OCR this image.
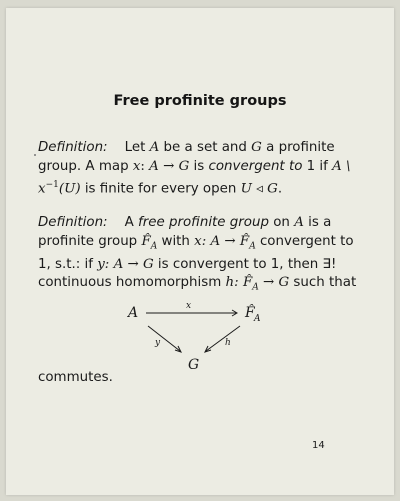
Free profinite groups
Definition: Let A be a set and G a profinite group. A map x: A → G is convergent to 1 if A \ $x^{-1}(U)$ is finite for every open U ◃ G.
Definition: A free profinite group on A is a profinite group $F̂_A$ with x: $A \to F̂_A$ convergent to 1, s.t.: if y: A → G is convergent to 1, then ∃! continuous homomorphism h: $F̂_A \to G$ such that
A	F̂ A
G
x
y	h
commutes.
14
